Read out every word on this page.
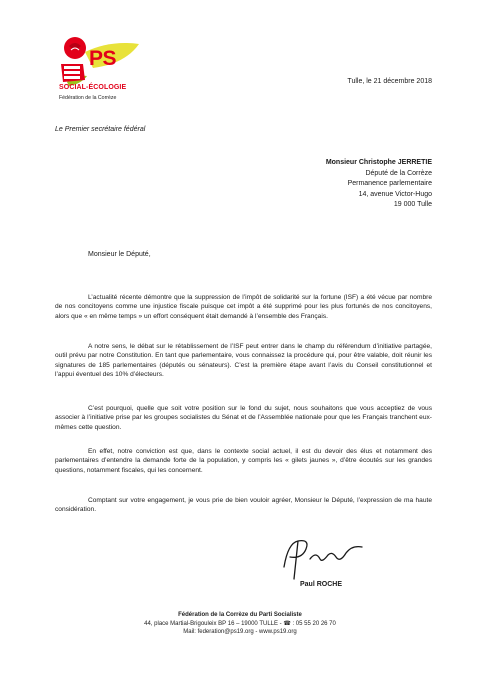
PS
SOCIAL-ÉCOLOGIE
Fédération de la Corrèze
Tulle, le 21 décembre 2018
Le Premier secrétaire fédéral
Monsieur Christophe JERRETIE
Député de la Corrèze
Permanence parlementaire
14, avenue Victor-Hugo
19 000 Tulle
Monsieur le Député,

L’actualité récente démontre que la suppression de l’impôt de solidarité sur la fortune (ISF) a été vécue par nombre de nos concitoyens comme une injustice fiscale puisque cet impôt a été supprimé pour les plus fortunés de nos concitoyens, alors que « en même temps » un effort conséquent était demandé à l’ensemble des Français.

A notre sens, le débat sur le rétablissement de l’ISF peut entrer dans le champ du référendum d’initiative partagée, outil prévu par notre Constitution. En tant que parlementaire, vous connaissez la procédure qui, pour être valable, doit réunir les signatures de 185 parlementaires (députés ou sénateurs). C’est la première étape avant l’avis du Conseil constitutionnel et l’appui éventuel des 10% d’électeurs.

C’est pourquoi, quelle que soit votre position sur le fond du sujet, nous souhaitons que vous acceptiez de vous associer à l’initiative prise par les groupes socialistes du Sénat et de l’Assemblée nationale pour que les Français tranchent eux-mêmes cette question.

En effet, notre conviction est que, dans le contexte social actuel, il est du devoir des élus et notamment des parlementaires d’entendre la demande forte de la population, y compris les « gilets jaunes », d’être écoutés sur les grandes questions, notamment fiscales, qui les concernent.

Comptant sur votre engagement, je vous prie de bien vouloir agréer, Monsieur le Député, l’expression de ma haute considération.

Paul ROCHE
Fédération de la Corrèze du Parti Socialiste
44, place Martial-Brigouleix BP 16 – 19000 TULLE - ☎ : 05 55 20 26 70
Mail: federation@ps19.org - www.ps19.org
